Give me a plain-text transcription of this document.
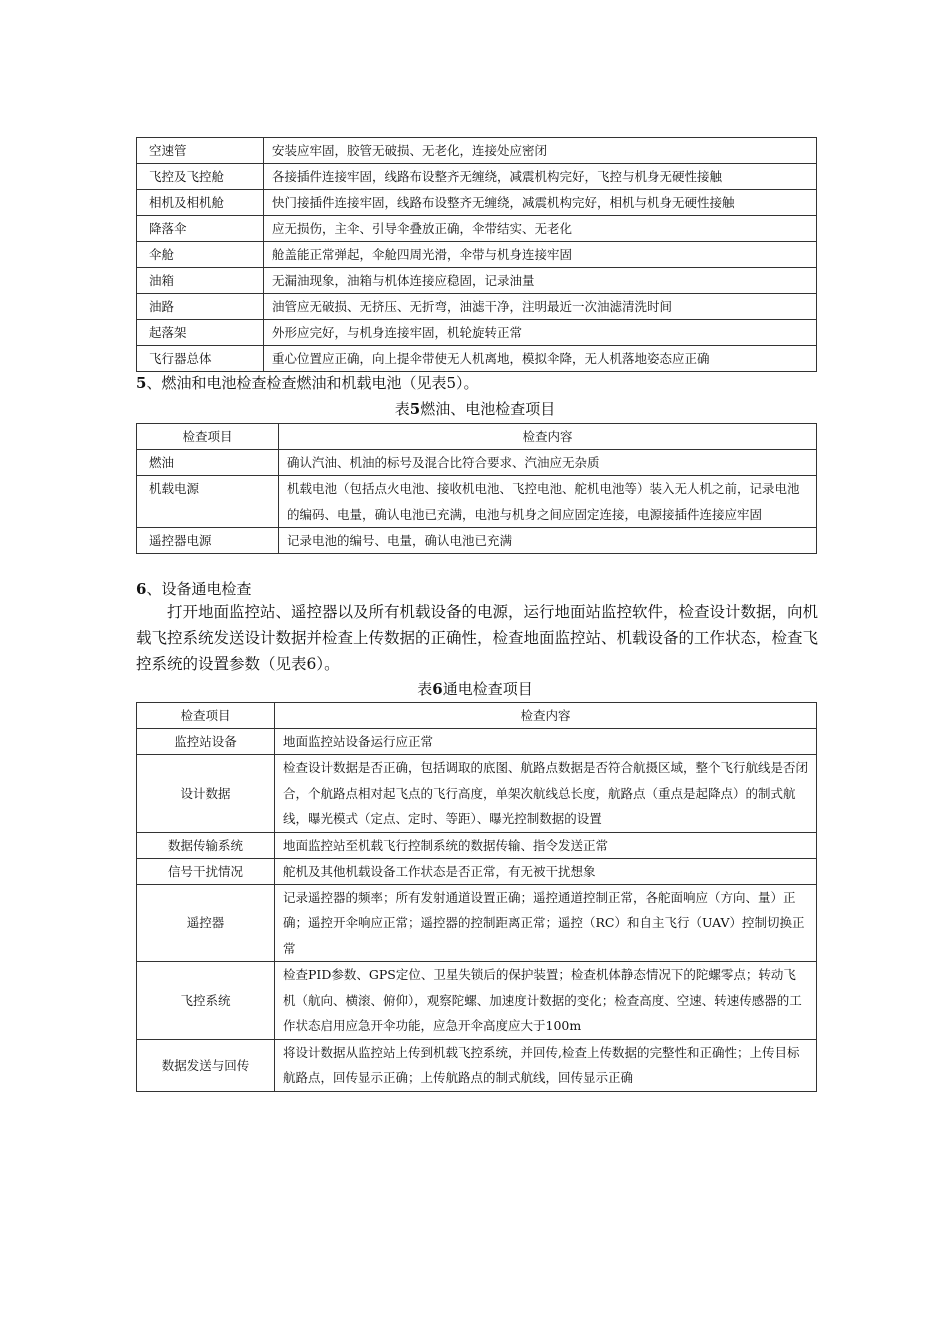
空速管	安装应牢固，胶管无破损、无老化，连接处应密闭
飞控及飞控舱	各接插件连接牢固，线路布设整齐无缠绕，减震机构完好，飞控与机身无硬性接触
相机及相机舱	快门接插件连接牢固，线路布设整齐无缠绕，减震机构完好，相机与机身无硬性接触
降落伞	应无损伤，主伞、引导伞叠放正确，伞带结实、无老化
伞舱	舱盖能正常弹起，伞舱四周光滑，伞带与机身连接牢固
油箱	无漏油现象，油箱与机体连接应稳固，记录油量
油路	油管应无破损、无挤压、无折弯，油滤干净，注明最近一次油滤清洗时间
起落架	外形应完好，与机身连接牢固，机轮旋转正常
飞行器总体	重心位置应正确，向上提伞带使无人机离地，模拟伞降，无人机落地姿态应正确
5、燃油和电池检查检查燃油和机载电池（见表5）。
表5燃油、电池检查项目
检查项目	检查内容
燃油	确认汽油、机油的标号及混合比符合要求、汽油应无杂质
机载电源	机载电池（包括点火电池、接收机电池、飞控电池、舵机电池等）装入无人机之前，记录电池的编码、电量，确认电池已充满，电池与机身之间应固定连接，电源接插件连接应牢固
遥控器电源	记录电池的编号、电量，确认电池已充满
6、设备通电检查
打开地面监控站、遥控器以及所有机载设备的电源，运行地面站监控软件，检查设计数据，向机载飞控系统发送设计数据并检查上传数据的正确性，检查地面监控站、机载设备的工作状态，检查飞控系统的设置参数（见表6）。
表6通电检查项目
检查项目	检查内容
监控站设备	地面监控站设备运行应正常
设计数据	检查设计数据是否正确，包括调取的底图、航路点数据是否符合航摄区域，整个飞行航线是否闭合，个航路点相对起飞点的飞行高度，单架次航线总长度，航路点（重点是起降点）的制式航线，曝光模式（定点、定时、等距）、曝光控制数据的设置
数据传输系统	地面监控站至机载飞行控制系统的数据传输、指令发送正常
信号干扰情况	舵机及其他机载设备工作状态是否正常，有无被干扰想象
遥控器	记录遥控器的频率；所有发射通道设置正确；遥控通道控制正常，各舵面响应（方向、量）正确；遥控开伞响应正常；遥控器的控制距离正常；遥控（RC）和自主飞行（UAV）控制切换正常
飞控系统	检查PID参数、GPS定位、卫星失锁后的保护装置；检查机体静态情况下的陀螺零点；转动飞机（航向、横滚、俯仰），观察陀螺、加速度计数据的变化；检查高度、空速、转速传感器的工作状态启用应急开伞功能，应急开伞高度应大于100m
数据发送与回传	将设计数据从监控站上传到机载飞控系统，并回传,检查上传数据的完整性和正确性；上传目标航路点，回传显示正确；上传航路点的制式航线，回传显示正确
